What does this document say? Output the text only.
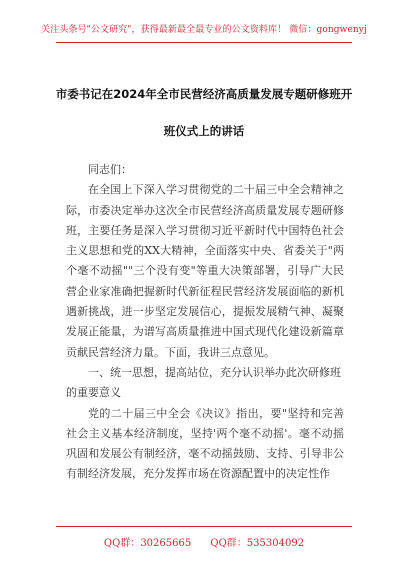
关注头条号"公文研究"，获得最新最全最专业的公文资料库！ 微信：gongwenyj
市委书记在2024年全市民营经济高质量发展专题研修班开
班仪式上的讲话

同志们：

在全国上下深入学习贯彻党的二十届三中全会精神之际，市委决定举办这次全市民营经济高质量发展专题研修班，主要任务是深入学习贯彻习近平新时代中国特色社会主义思想和党的XX大精神，全面落实中央、省委关于"两个毫不动摇""三个没有变"等重大决策部署，引导广大民营企业家准确把握新时代新征程民营经济发展面临的新机遇新挑战，进一步坚定发展信心，提振发展精气神、凝聚发展正能量，为谱写高质量推进中国式现代化建设新篇章贡献民营经济力量。下面，我讲三点意见。

一、统一思想，提高站位，充分认识举办此次研修班

的重要意义

党的二十届三中全会《决议》指出，要"坚持和完善社会主义基本经济制度，坚持'两个毫不动摇'。毫不动摇巩固和发展公有制经济，毫不动摇鼓励、支持、引导非公有制经济发展，充分发挥市场在资源配置中的决定性作

QQ群：30265665 QQ群：535304092
